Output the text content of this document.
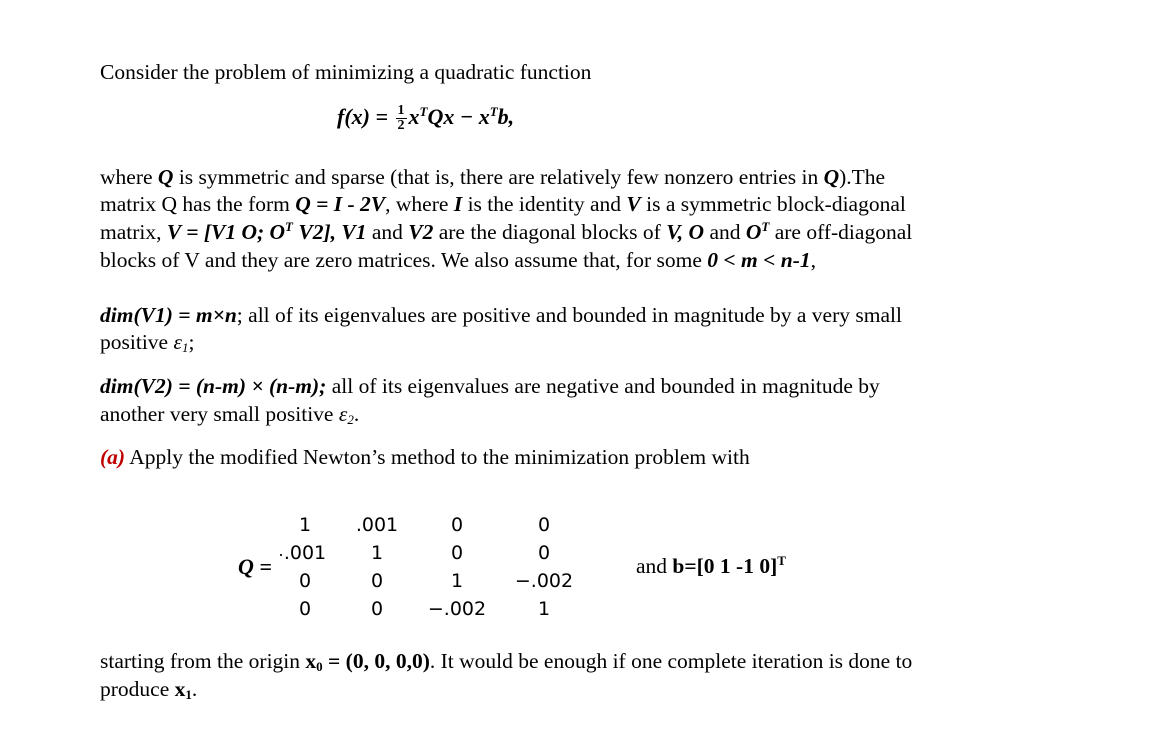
Consider the problem of minimizing a quadratic function
$f(x) = \frac{1}{2} x^TQx - x^Tb$,
where Q is symmetric and sparse (that is, there are relatively few nonzero entries in Q).The
matrix Q has the form Q = I - 2V, where I is the identity and V is a symmetric block-diagonal
matrix, V = [V1 O; $O^T$ V2], V1 and V2 are the diagonal blocks of V, O and $O^T$ are off-diagonal
blocks of V and they are zero matrices. We also assume that, for some 0 < m < n-1,
dim(V1) = m×n; all of its eigenvalues are positive and bounded in magnitude by a very small
positive $\varepsilon_1$;
dim(V2) = (n-m) × (n-m); all of its eigenvalues are negative and bounded in magnitude by
another very small positive $\varepsilon_2$.
(a) Apply the modified Newton’s method to the minimization problem with
Q = ·
1	.001	0	0
.001	1	0	0
0	0	1	−.002
0	0	−.002	1
and b=[0 1 -1 0]$^T$
starting from the origin $x_0 = (0$, 0, 0,0). It would be enough if one complete iteration is done to
produce $x_1$.
